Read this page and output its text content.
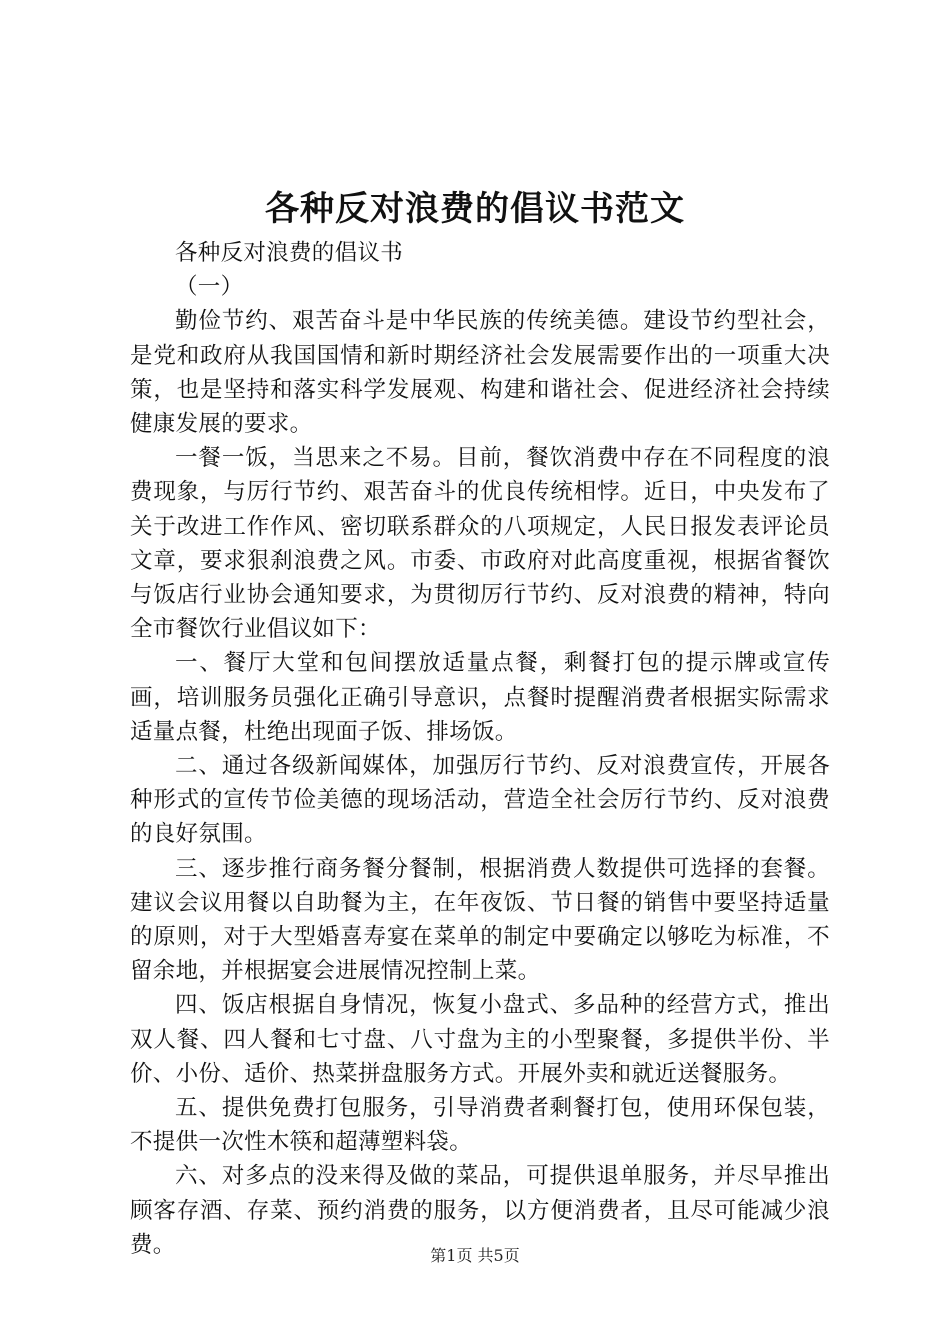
各种反对浪费的倡议书范文

各种反对浪费的倡议书

（一）

勤俭节约、艰苦奋斗是中华民族的传统美德。建设节约型社会，是党和政府从我国国情和新时期经济社会发展需要作出的一项重大决策，也是坚持和落实科学发展观、构建和谐社会、促进经济社会持续健康发展的要求。

一餐一饭，当思来之不易。目前，餐饮消费中存在不同程度的浪费现象，与厉行节约、艰苦奋斗的优良传统相悖。近日，中央发布了关于改进工作作风、密切联系群众的八项规定，人民日报发表评论员文章，要求狠刹浪费之风。市委、市政府对此高度重视，根据省餐饮与饭店行业协会通知要求，为贯彻厉行节约、反对浪费的精神，特向全市餐饮行业倡议如下：

一、餐厅大堂和包间摆放适量点餐，剩餐打包的提示牌或宣传画，培训服务员强化正确引导意识，点餐时提醒消费者根据实际需求适量点餐，杜绝出现面子饭、排场饭。

二、通过各级新闻媒体，加强厉行节约、反对浪费宣传，开展各种形式的宣传节俭美德的现场活动，营造全社会厉行节约、反对浪费的良好氛围。

三、逐步推行商务餐分餐制，根据消费人数提供可选择的套餐。建议会议用餐以自助餐为主，在年夜饭、节日餐的销售中要坚持适量的原则，对于大型婚喜寿宴在菜单的制定中要确定以够吃为标准，不留余地，并根据宴会进展情况控制上菜。

四、饭店根据自身情况，恢复小盘式、多品种的经营方式，推出双人餐、四人餐和七寸盘、八寸盘为主的小型聚餐，多提供半份、半价、小份、适价、热菜拼盘服务方式。开展外卖和就近送餐服务。

五、提供免费打包服务，引导消费者剩餐打包，使用环保包装，不提供一次性木筷和超薄塑料袋。

六、对多点的没来得及做的菜品，可提供退单服务，并尽早推出顾客存酒、存菜、预约消费的服务，以方便消费者，且尽可能减少浪费。	第1页 共5页
